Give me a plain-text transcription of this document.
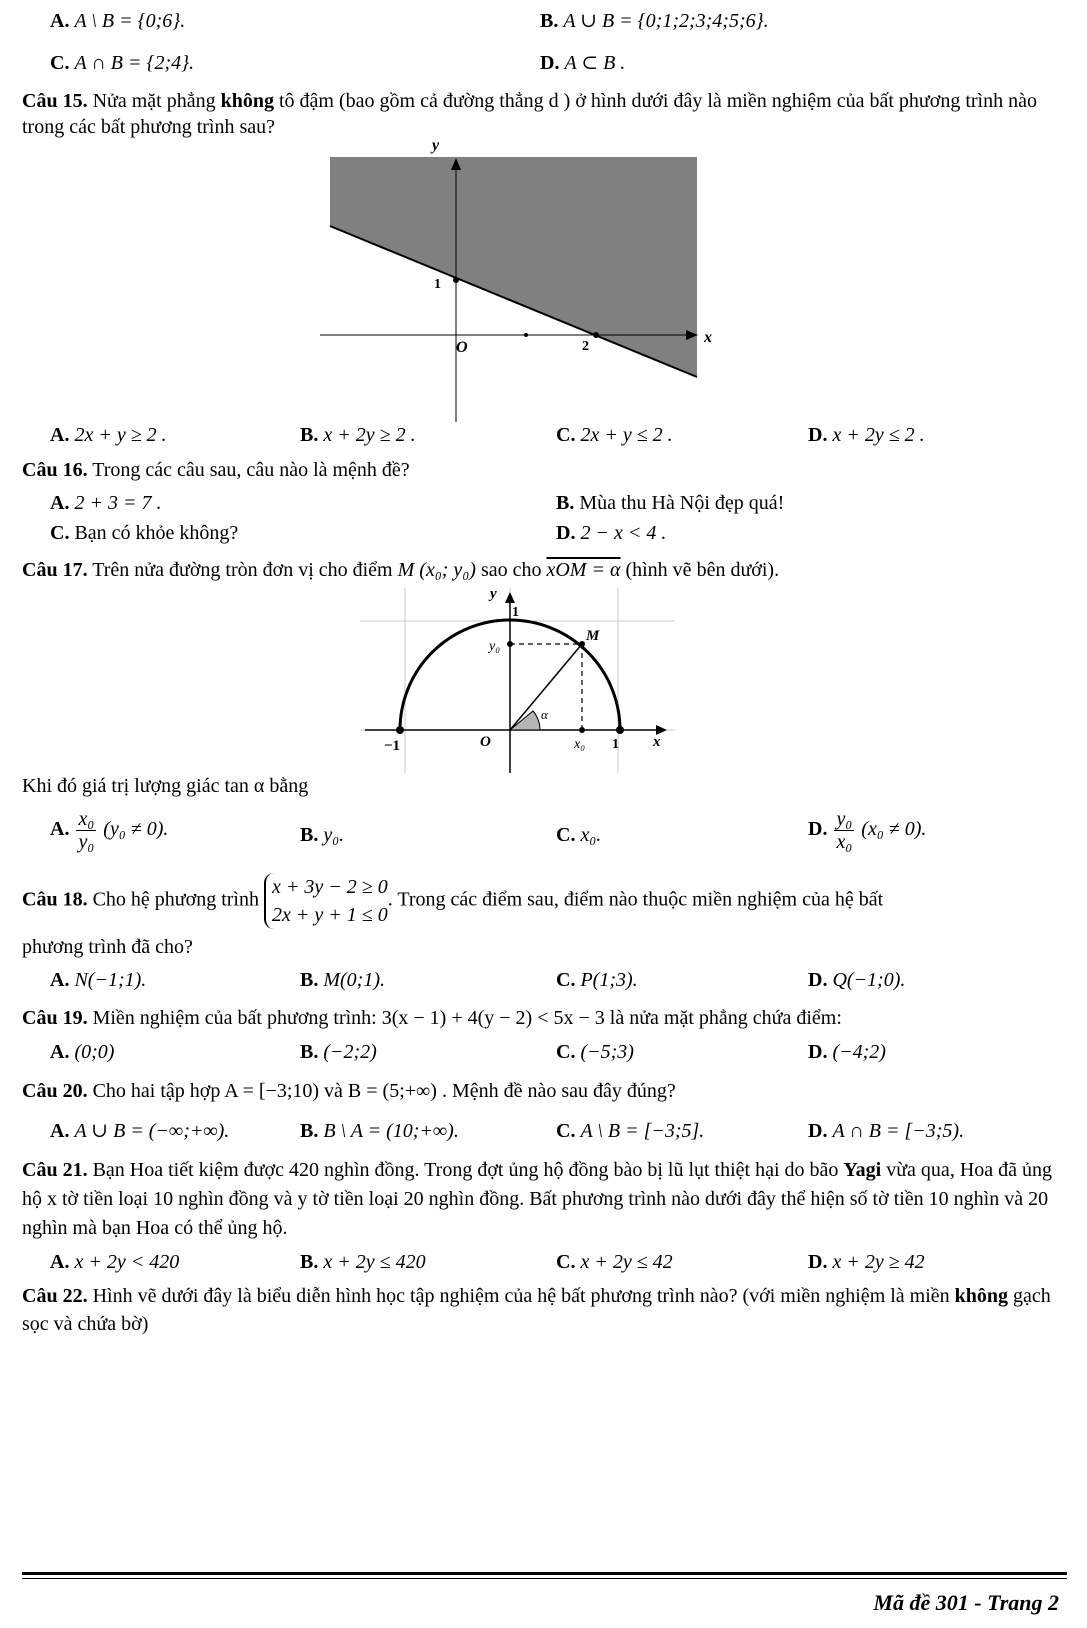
A. A \ B = {0;6}.	B. A ∪ B = {0;1;2;3;4;5;6}.
C. A ∩ B = {2;4}.	D. A ⊂ B .
Câu 15. Nửa mặt phẳng không tô đậm (bao gồm cả đường thẳng d ) ở hình dưới đây là miền nghiệm của bất phương trình nào trong các bất phương trình sau?
y
x
O
1
2
A. 2x + y ≥ 2 .	B. x + 2y ≥ 2 .	C. 2x + y ≤ 2 .	D. x + 2y ≤ 2 .
Câu 16. Trong các câu sau, câu nào là mệnh đề?
A. 2 + 3 = 7 .	B. Mùa thu Hà Nội đẹp quá!
C. Bạn có khỏe không?	D. 2 − x < 4 .
Câu 17. Trên nửa đường tròn đơn vị cho điểm M (x₀; y₀) sao cho xOM = α (hình vẽ bên dưới).
y
1
y₀
M
α
−1	O	x₀ 1 x
Khi đó giá trị lượng giác tan α bằng
A. $\frac{\text{x₀}}{\text{y₀}} (y_0 \ne 0)$.	B. y₀.	C. x₀.	D. $\frac{\text{y₀}}{\text{x₀}} (x_0 \ne 0)$.
Câu 18. Cho hệ phương trình
x + 3y − 2 ≥ 0
2x + y + 1 ≤ 0
. Trong các điểm sau, điểm nào thuộc miền nghiệm của hệ bất
phương trình đã cho?
A. N(−1;1).	B. M(0;1).	C. P(1;3).	D. Q(−1;0).
Câu 19. Miền nghiệm của bất phương trình: 3(x − 1) + 4(y − 2) < 5x − 3 là nửa mặt phẳng chứa điểm:
A. (0;0)	B. (−2;2)	C. (−5;3)	D. (−4;2)
Câu 20. Cho hai tập hợp A = [−3;10) và B = (5;+∞) . Mệnh đề nào sau đây đúng?
A. A ∪ B = (−∞;+∞).	B. B \ A = (10;+∞).	C. A \ B = [−3;5].	D. A ∩ B = [−3;5).
Câu 21. Bạn Hoa tiết kiệm được 420 nghìn đồng. Trong đợt ủng hộ đồng bào bị lũ lụt thiệt hại do bão Yagi vừa qua, Hoa đã ủng hộ x tờ tiền loại 10 nghìn đồng và y tờ tiền loại 20 nghìn đồng. Bất phương trình nào dưới đây thể hiện số tờ tiền 10 nghìn và 20 nghìn mà bạn Hoa có thể ủng hộ.
A. x + 2y < 420	B. x + 2y ≤ 420	C. x + 2y ≤ 42	D. x + 2y ≥ 42
Câu 22. Hình vẽ dưới đây là biểu diễn hình học tập nghiệm của hệ bất phương trình nào? (với miền nghiệm là miền không gạch sọc và chứa bờ)
Mã đề 301 - Trang 2
